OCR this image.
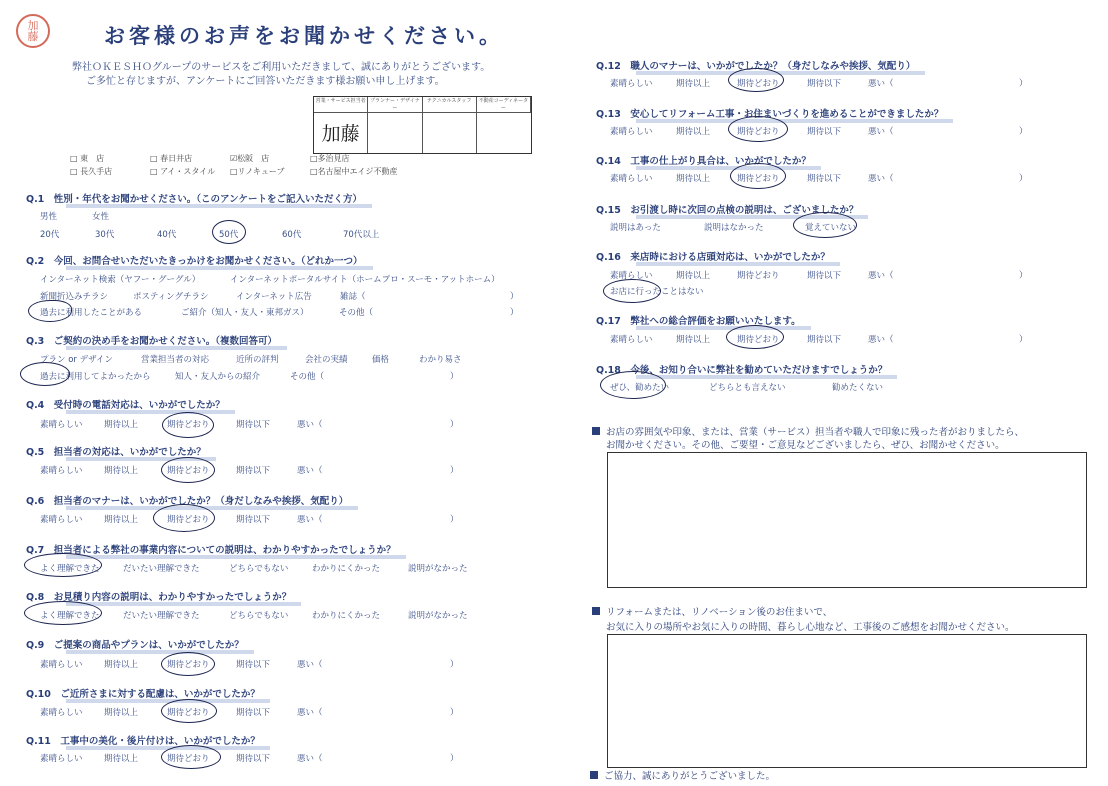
加
藤	お客様のお声をお聞かせください。
弊社ＯＫＥＳＨＯグループのサービスをご利用いただきまして、誠にありがとうございます。
ご多忙と存じますが、アンケートにご回答いただきます様お願い申し上げます。
営業・サービス担当者 プランナー・デザイナー
テクニカルスタッフ	不動産コーディネーター
加藤
□ 東　店	□ 春日井店	☑松阪　店	□多治見店
□ 長久手店	□ アイ・スタイル	□リノキューブ	□名古屋中エイジ不動産
Q.1　性別・年代をお聞かせください。（このアンケートをご記入いただく方）
男性	女性
20代	30代	40代	50代	60代	70代以上
Q.2　今回、お問合せいただいたきっかけをお聞かせください。（どれか一つ）
インターネット検索（ヤフー・グーグル）	インターネットポータルサイト（ホームプロ・スーモ・アットホーム）
新聞折込みチラシ	ポスティングチラシ	インターネット広告	雑誌（	）
過去に利用したことがある	ご紹介（知人・友人・東邦ガス）	その他（	）
Q.3　ご契約の決め手をお聞かせください。（複数回答可）
プラン or デザイン	営業担当者の対応	近所の評判	会社の実績	価格	わかり易さ
過去に利用してよかったから	知人・友人からの紹介	その他（	）
Q.4　受付時の電話対応は、いかがでしたか？
素晴らしい	期待以上	期待どおり	期待以下	悪い（	）
Q.5　担当者の対応は、いかがでしたか？
素晴らしい	期待以上	期待どおり	期待以下	悪い（	）
Q.6　担当者のマナーは、いかがでしたか？（身だしなみや挨拶、気配り）
素晴らしい	期待以上	期待どおり	期待以下	悪い（	）
Q.7　担当者による弊社の事業内容についての説明は、わかりやすかったでしょうか？
よく理解できた	だいたい理解できた	どちらでもない	わかりにくかった	説明がなかった
Q.8　お見積り内容の説明は、わかりやすかったでしょうか？
よく理解できた	だいたい理解できた	どちらでもない	わかりにくかった	説明がなかった
Q.9　ご提案の商品やプランは、いかがでしたか？
素晴らしい	期待以上	期待どおり	期待以下	悪い（	）
Q.10　ご近所さまに対する配慮は、いかがでしたか？
素晴らしい	期待以上	期待どおり	期待以下	悪い（	）
Q.11　工事中の美化・後片付けは、いかがでしたか？
素晴らしい	期待以上	期待どおり	期待以下	悪い（	）
Q.12　職人のマナーは、いかがでしたか？（身だしなみや挨拶、気配り）
素晴らしい	期待以上	期待どおり	期待以下	悪い（	）
Q.13　安心してリフォーム工事・お住まいづくりを進めることができましたか？
素晴らしい	期待以上	期待どおり	期待以下	悪い（	）
Q.14　工事の仕上がり具合は、いかがでしたか？
素晴らしい	期待以上	期待どおり	期待以下	悪い（	）
Q.15　お引渡し時に次回の点検の説明は、ございましたか？
説明はあった	説明はなかった	覚えていない
Q.16　来店時における店頭対応は、いかがでしたか？
素晴らしい	期待以上	期待どおり	期待以下	悪い（	）
お店に行ったことはない
Q.17　弊社への総合評価をお願いいたします。
素晴らしい	期待以上	期待どおり	期待以下	悪い（	）
Q.18　今後、お知り合いに弊社を勧めていただけますでしょうか？
ぜひ、勧めたい	どちらとも言えない	勧めたくない
お店の雰囲気や印象、または、営業（サービス）担当者や職人で印象に残った者がおりましたら、
お聞かせください。その他、ご要望・ご意見などございましたら、ぜひ、お聞かせください。
リフォームまたは、リノベーション後のお住まいで、
お気に入りの場所やお気に入りの時間、暮らし心地など、工事後のご感想をお聞かせください。
ご協力、誠にありがとうございました。
